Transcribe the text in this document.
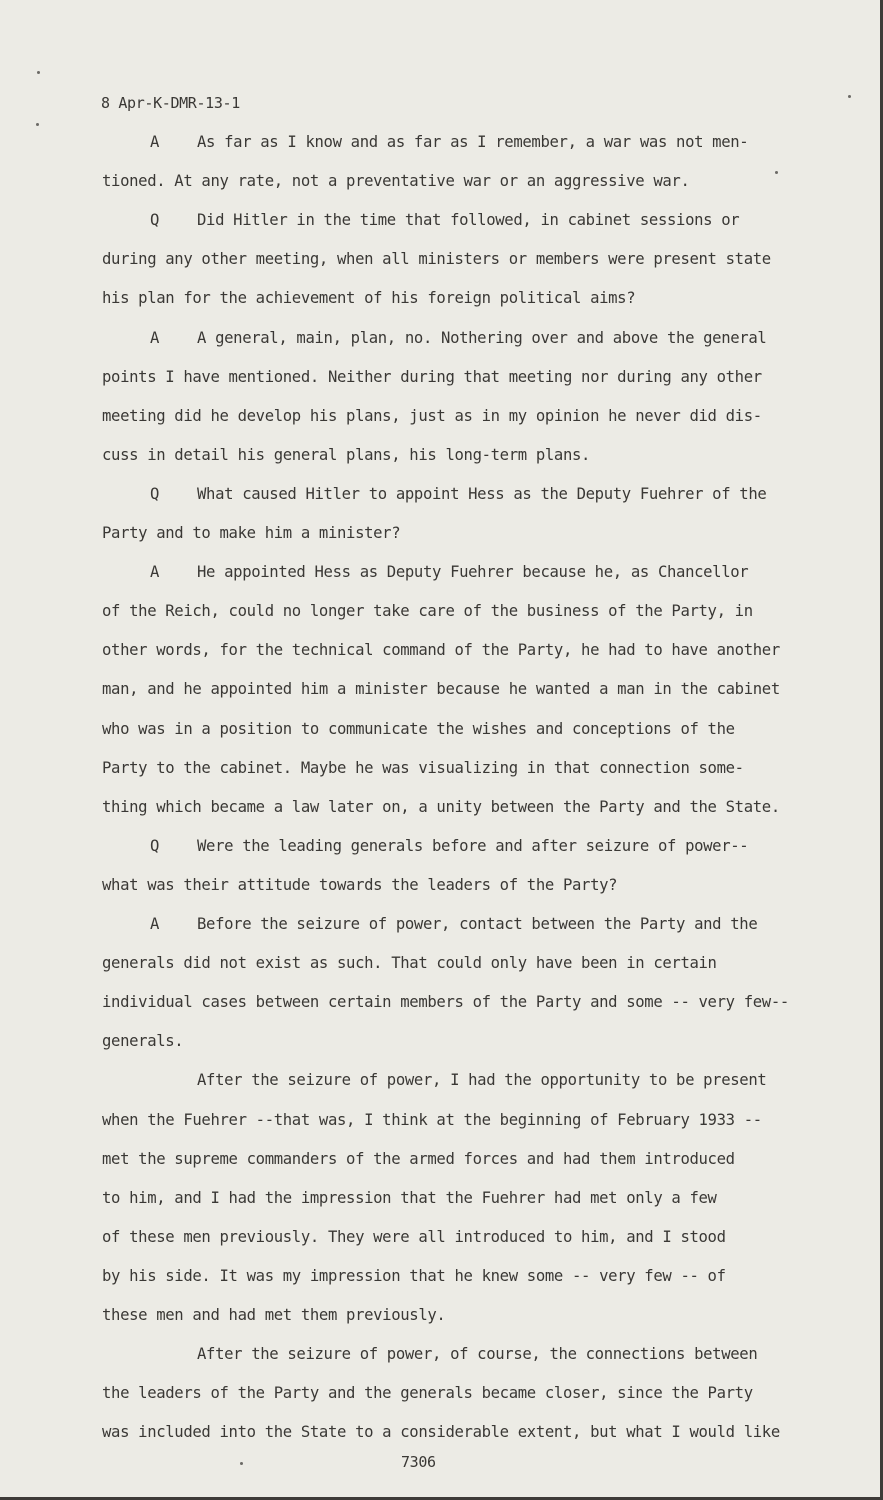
8 Apr-K-DMR-13-1
A As far as I know and as far as I remember, a war was not men-
tioned. At any rate, not a preventative war or an aggressive war.
Q Did Hitler in the time that followed, in cabinet sessions or
during any other meeting, when all ministers or members were present state
his plan for the achievement of his foreign political aims?
A A general, main, plan, no. Nothering over and above the general
points I have mentioned. Neither during that meeting nor during any other
meeting did he develop his plans, just as in my opinion he never did dis-
cuss in detail his general plans, his long-term plans.
Q What caused Hitler to appoint Hess as the Deputy Fuehrer of the
Party and to make him a minister?
A He appointed Hess as Deputy Fuehrer because he, as Chancellor
of the Reich, could no longer take care of the business of the Party, in
other words, for the technical command of the Party, he had to have another
man, and he appointed him a minister because he wanted a man in the cabinet
who was in a position to communicate the wishes and conceptions of the
Party to the cabinet. Maybe he was visualizing in that connection some-
thing which became a law later on, a unity between the Party and the State.
Q Were the leading generals before and after seizure of power--
what was their attitude towards the leaders of the Party?
A Before the seizure of power, contact between the Party and the
generals did not exist as such. That could only have been in certain
individual cases between certain members of the Party and some -- very few--
generals.
After the seizure of power, I had the opportunity to be present
when the Fuehrer --that was, I think at the beginning of February 1933 --
met the supreme commanders of the armed forces and had them introduced
to him, and I had the impression that the Fuehrer had met only a few
of these men previously. They were all introduced to him, and I stood
by his side. It was my impression that he knew some -- very few -- of
these men and had met them previously.
After the seizure of power, of course, the connections between
the leaders of the Party and the generals became closer, since the Party
was included into the State to a considerable extent, but what I would like
7306
